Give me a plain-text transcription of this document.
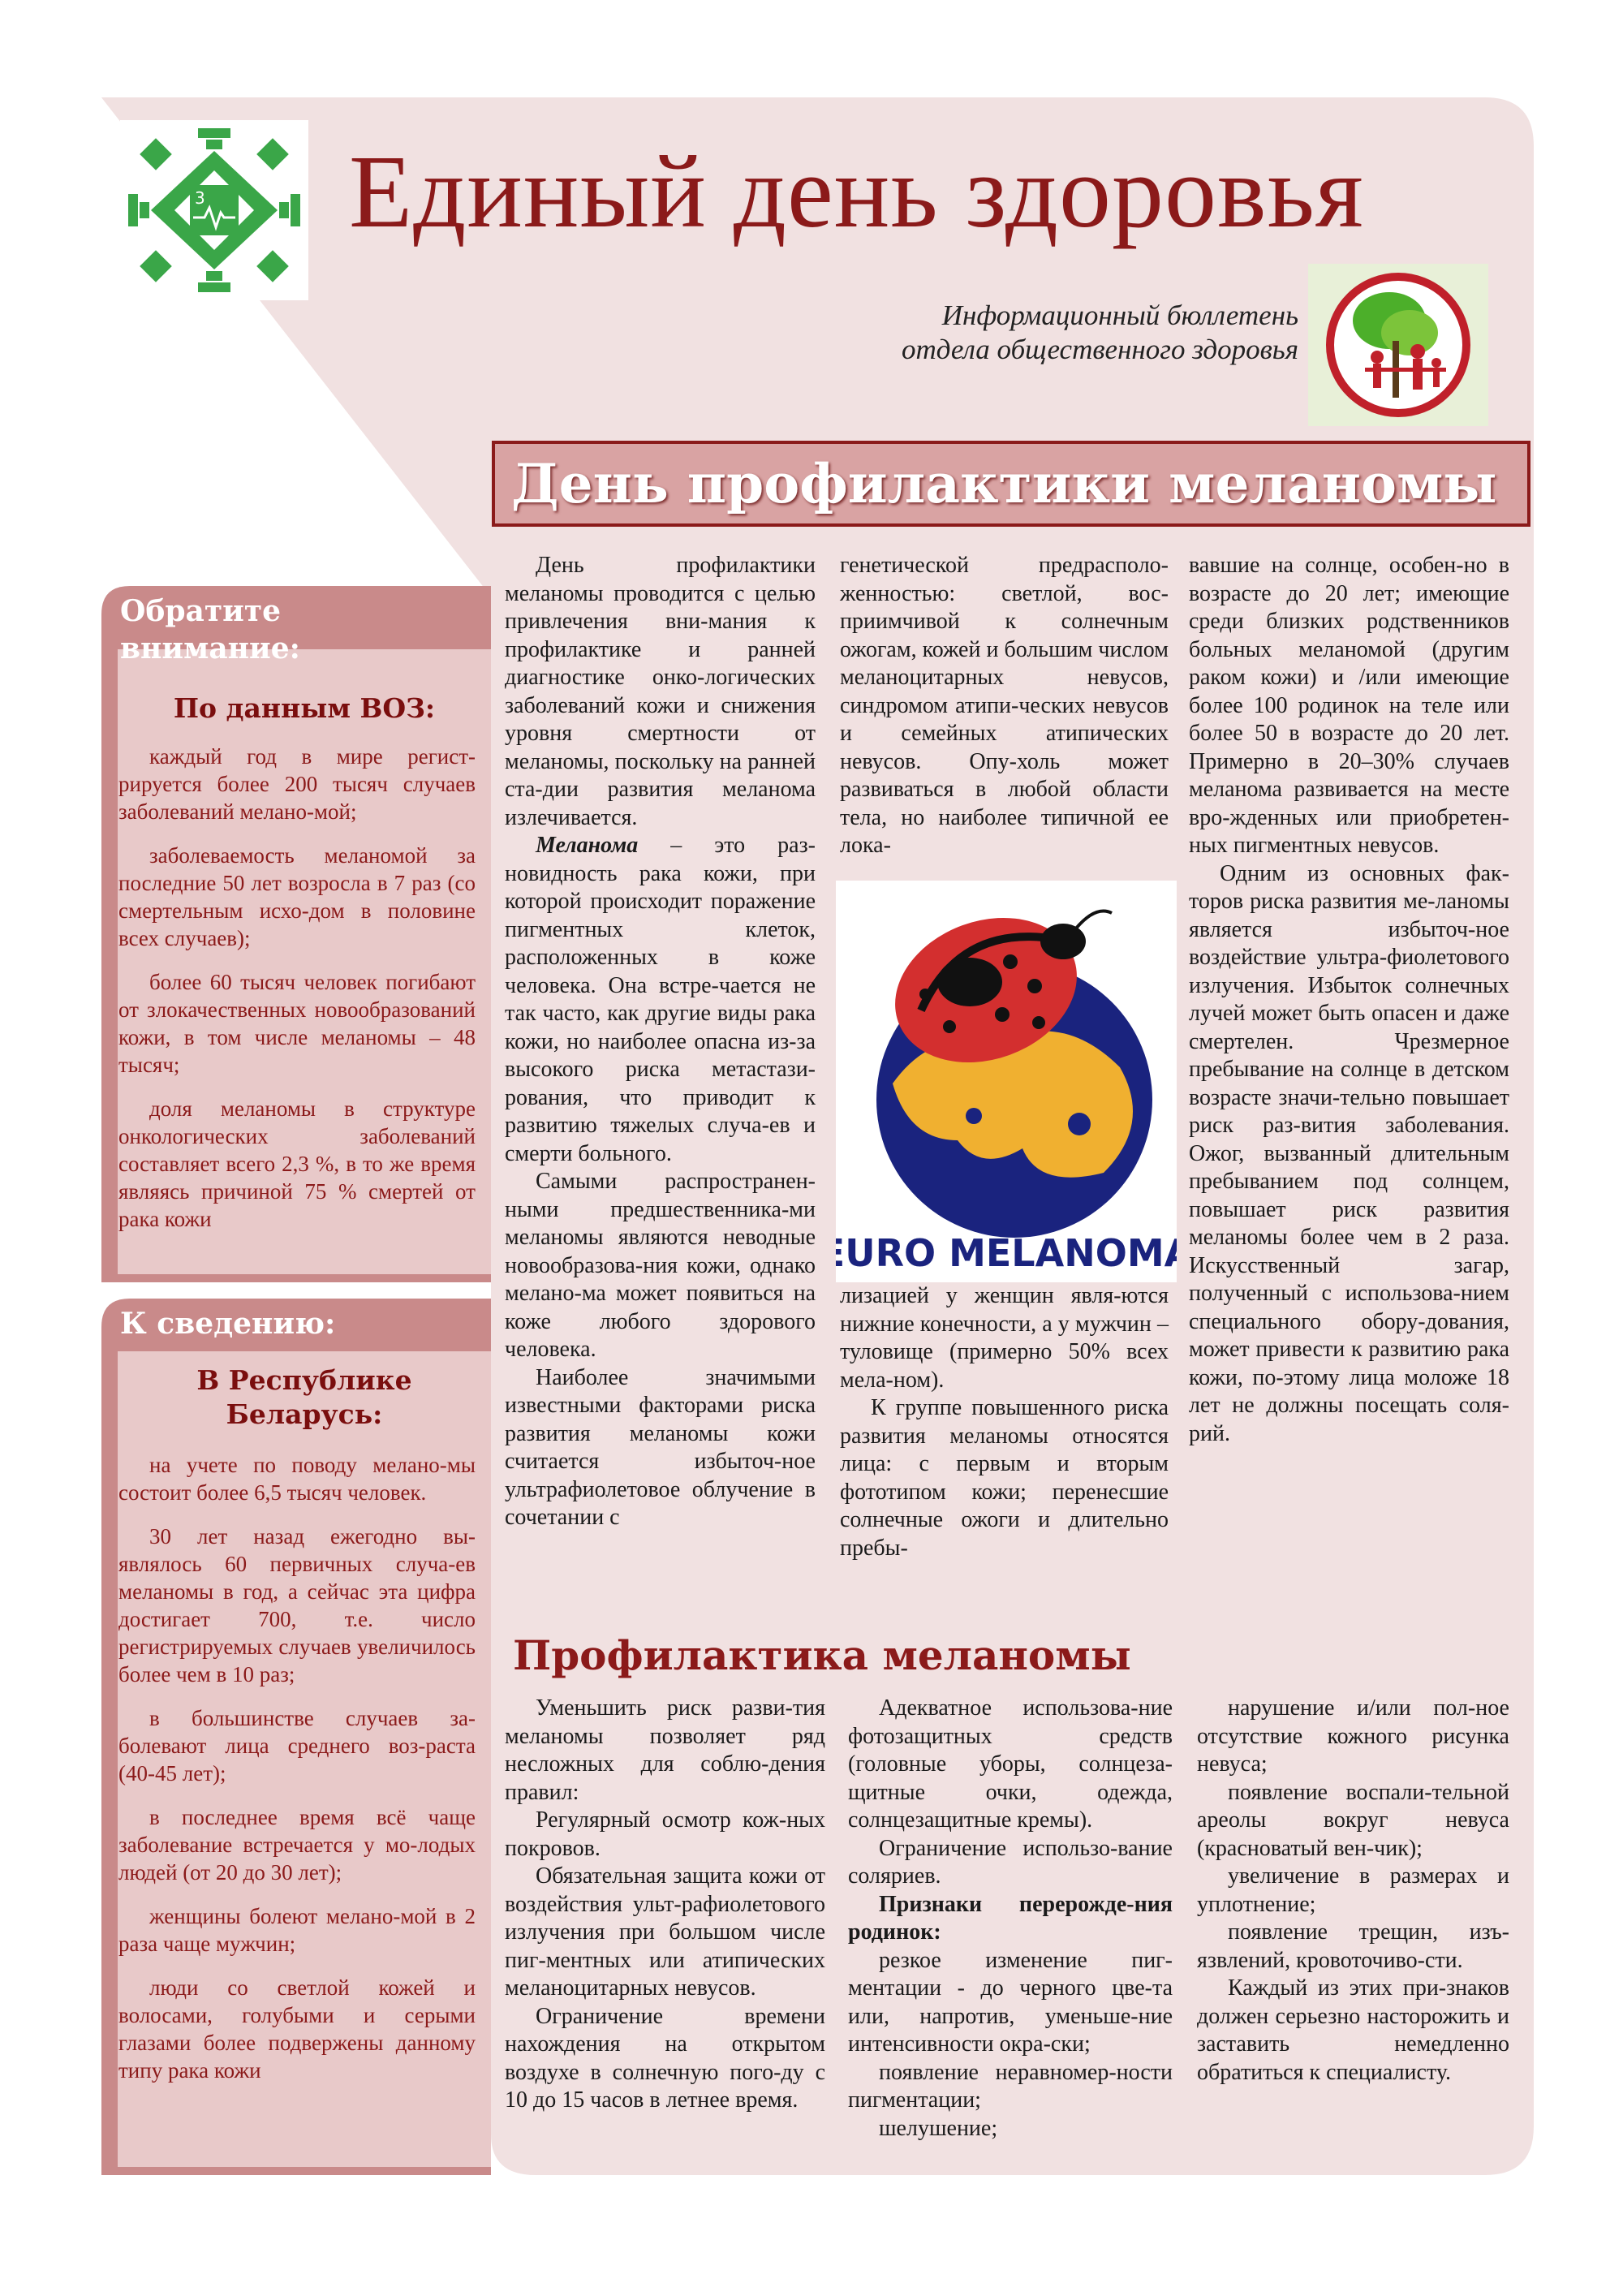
3 Единый день здоровья
Информационный бюллетень
отдела общественного здоровья
День профилактики меланомы
Обратите
внимание:
По данным ВОЗ:

каждый год в мире регист-рируется более 200 тысяч случаев заболеваний мелано-мой;

заболеваемость меланомой за последние 50 лет возросла в 7 раз (со смертельным исхо-дом в половине всех случаев);

более 60 тысяч человек погибают от злокачественных новообразований кожи, в том числе меланомы – 48 тысяч;

доля меланомы в структуре онкологических заболеваний составляет всего 2,3 %, в то же время являясь причиной 75 % смертей от рака кожи

К сведению:
В Республике
Беларусь:

на учете по поводу мелано-мы состоит более 6,5 тысяч человек.

30 лет назад ежегодно вы-являлось 60 первичных случа-ев меланомы в год, а сейчас эта цифра достигает 700, т.е. число регистрируемых случаев увеличилось более чем в 10 раз;

в большинстве случаев за-болевают лица среднего воз-раста (40-45 лет);

в последнее время всё чаще заболевание встречается у мо-лодых людей (от 20 до 30 лет);

женщины болеют мелано-мой в 2 раза чаще мужчин;

люди со светлой кожей и волосами, голубыми и серыми глазами более подвержены данному типу рака кожи

День профилактики меланомы проводится с целью привлечения вни-мания к профилактике и ранней диагностике онко-логических заболеваний кожи и снижения уровня смертности от меланомы, поскольку на ранней ста-дии развития меланома излечивается.

Меланома – это раз-новидность рака кожи, при которой происходит поражение пигментных клеток, расположенных в коже человека. Она встре-чается не так часто, как другие виды рака кожи, но наиболее опасна из-за высокого риска метастази-рования, что приводит к развитию тяжелых случа-ев и смерти больного.

Самыми распространен-ными предшественника-ми меланомы являются неводные новообразова-ния кожи, однако мелано-ма может появиться на коже любого здорового человека.

Наиболее значимыми известными факторами риска развития меланомы кожи считается избыточ-ное ультрафиолетовое облучение в сочетании с

генетической предрасполо-женностью: светлой, вос-приимчивой к солнечным ожогам, кожей и большим числом меланоцитарных невусов, синдромом атипи-ческих невусов и семейных атипических невусов. Опу-холь может развиваться в любой области тела, но наиболее типичной ее лока-

EURO MELANOMA

лизацией у женщин явля-ются нижние конечности, а у мужчин – туловище (примерно 50% всех мела-ном).

К группе повышенного риска развития меланомы относятся лица: с первым и вторым фототипом кожи; перенесшие солнечные ожоги и длительно пребы-

вавшие на солнце, особен-но в возрасте до 20 лет; имеющие среди близких родственников больных меланомой (другим раком кожи) и /или имеющие более 100 родинок на теле или более 50 в возрасте до 20 лет. Примерно в 20–30% случаев меланома развивается на месте вро-жденных или приобретен-ных пигментных невусов.

Одним из основных фак-торов риска развития ме-ланомы является избыточ-ное воздействие ультра-фиолетового излучения. Избыток солнечных лучей может быть опасен и даже смертелен. Чрезмерное пребывание на солнце в детском возрасте значи-тельно повышает риск раз-вития заболевания. Ожог, вызванный длительным пребыванием под солнцем, повышает риск развития меланомы более чем в 2 раза. Искусственный загар, полученный с использова-нием специального обору-дования, может привести к развитию рака кожи, по-этому лица моложе 18 лет не должны посещать соля-рий.

Профилактика меланомы

Уменьшить риск разви-тия меланомы позволяет ряд несложных для соблю-дения правил:

Регулярный осмотр кож-ных покровов.

Обязательная защита кожи от воздействия ульт-рафиолетового излучения при большом числе пиг-ментных или атипических меланоцитарных невусов.

Ограничение времени нахождения на открытом воздухе в солнечную пого-ду с 10 до 15 часов в летнее время.

Адекватное использова-ние фотозащитных средств (головные уборы, солнцеза-щитные очки, одежда, солнцезащитные кремы).

Ограничение использо-вание соляриев.

Признаки перерожде-ния родинок:

резкое изменение пиг-ментации - до черного цве-та или, напротив, уменьше-ние интенсивности окра-ски;

появление неравномер-ности пигментации;

шелушение;

нарушение и/или пол-ное отсутствие кожного рисунка невуса;

появление воспали-тельной ареолы вокруг невуса (красноватый вен-чик);

увеличение в размерах и уплотнение;

появление трещин, изъ-язвлений, кровоточиво-сти.

Каждый из этих при-знаков должен серьезно насторожить и заставить немедленно обратиться к специалисту.
